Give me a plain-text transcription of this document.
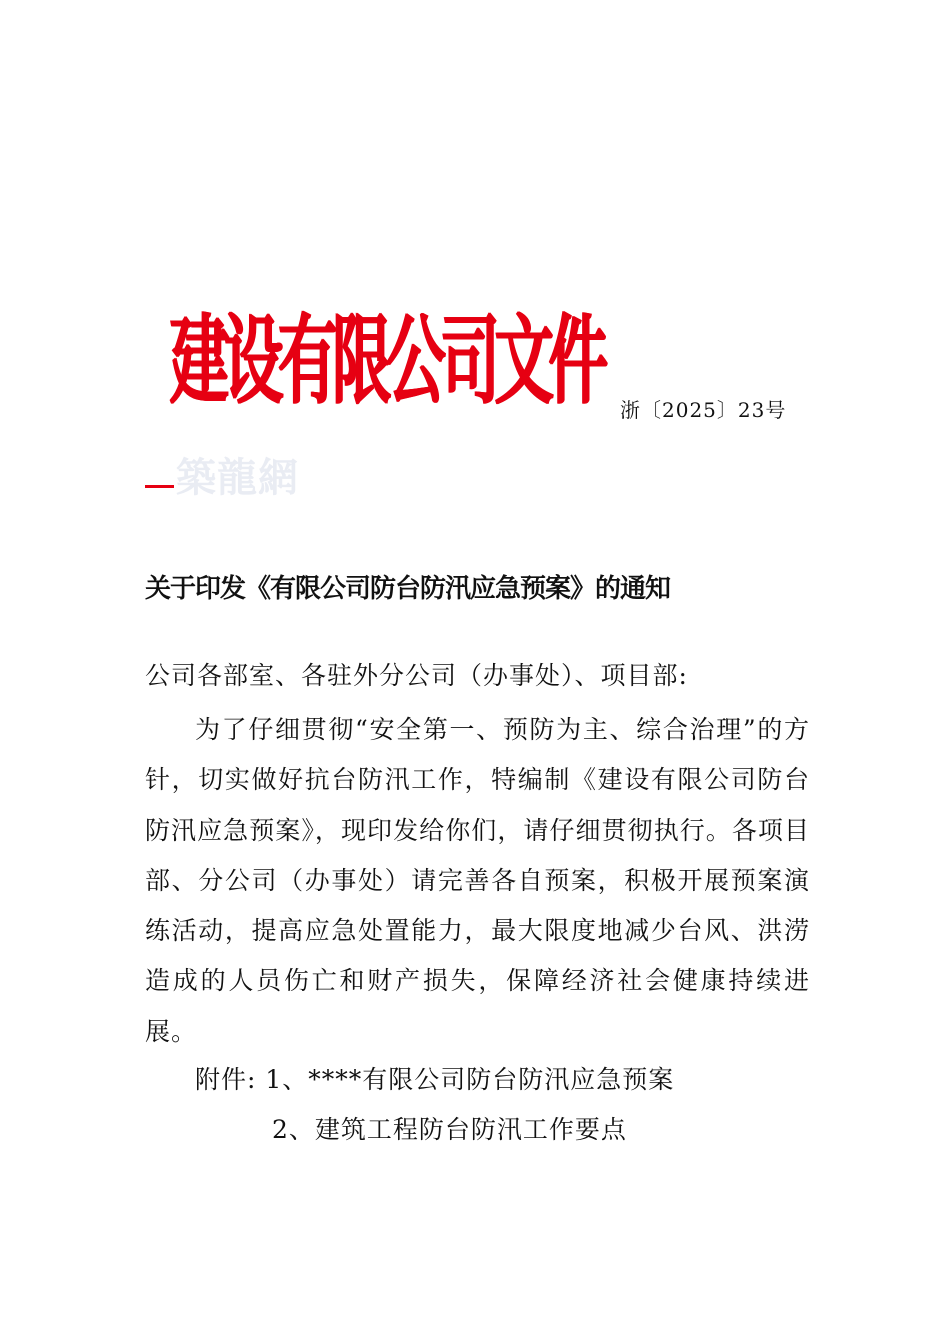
建设有限公司文件 浙〔2025〕23号
築龍網
关于印发《有限公司防台防汛应急预案》的通知
公司各部室、各驻外分公司（办事处）、项目部:
为了仔细贯彻“安全第一、预防为主、综合治理”的方针，切实做好抗台防汛工作，特编制《建设有限公司防台防汛应急预案》，现印发给你们，请仔细贯彻执行。各项目部、分公司（办事处）请完善各自预案，积极开展预案演练活动，提高应急处置能力，最大限度地减少台风、洪涝造成的人员伤亡和财产损失，保障经济社会健康持续进展。
附件: 1、****有限公司防台防汛应急预案
2、建筑工程防台防汛工作要点
